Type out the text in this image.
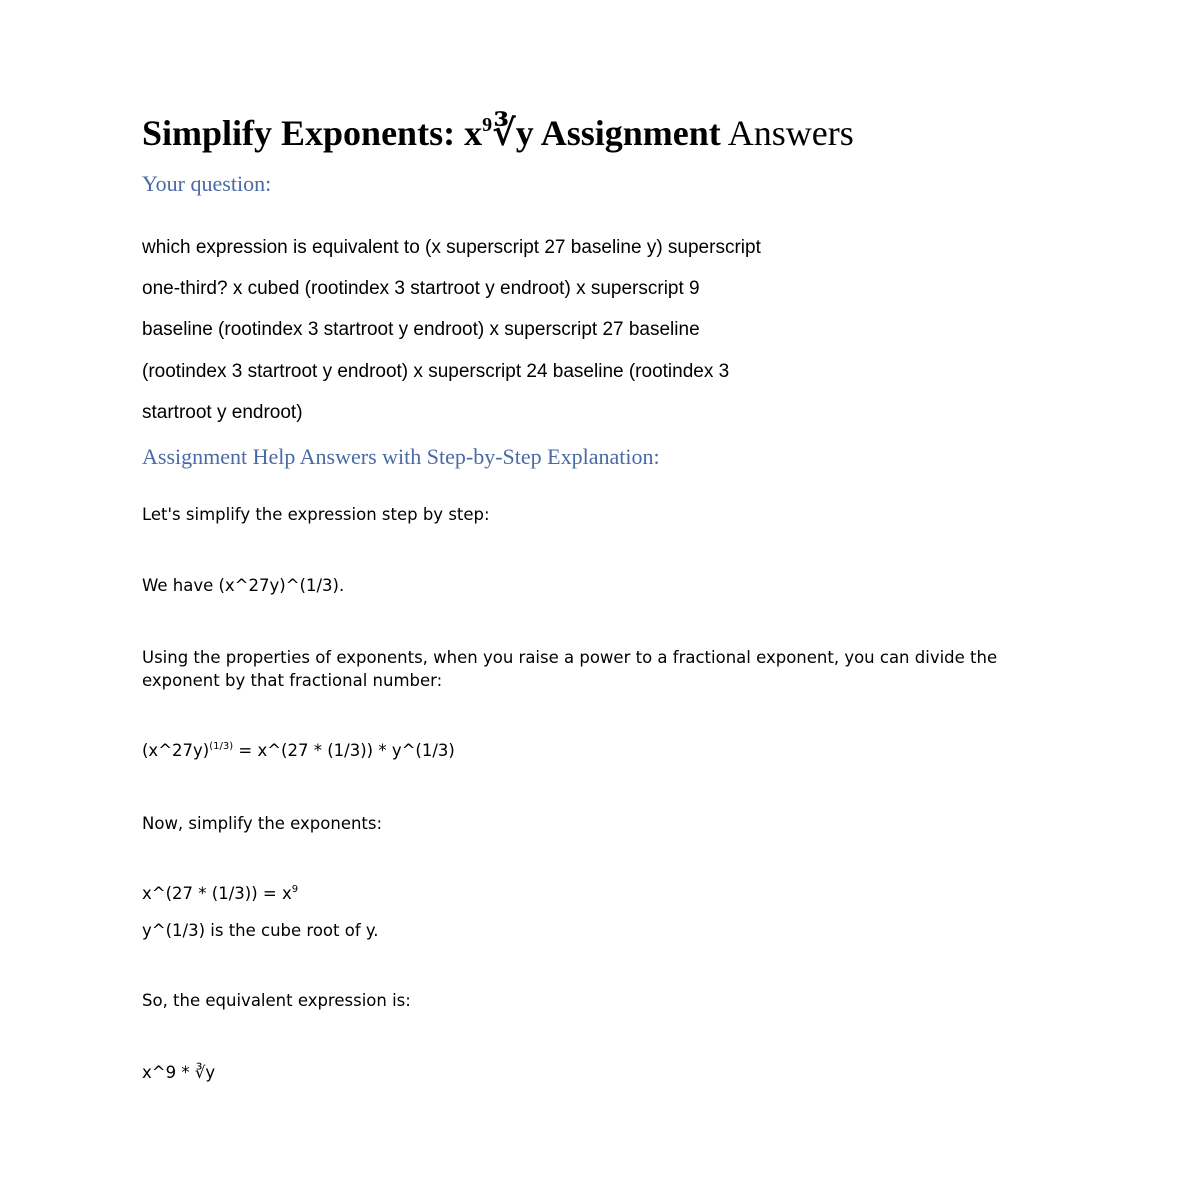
Simplify Exponents: $x^9∛y$ Assignment Answers
Your question:
which expression is equivalent to (x superscript 27 baseline y) superscript
one-third? x cubed (rootindex 3 startroot y endroot) x superscript 9
baseline (rootindex 3 startroot y endroot) x superscript 27 baseline
(rootindex 3 startroot y endroot) x superscript 24 baseline (rootindex 3
startroot y endroot)
Assignment Help Answers with Step-by-Step Explanation:
Let's simplify the expression step by step:
We have (x^27y)^(1/3).
Using the properties of exponents, when you raise a power to a fractional exponent, you can divide the exponent by that fractional number:
(x^27y)$^{(1/3)}$ = x^(27 * (1/3)) * y^(1/3)
Now, simplify the exponents:
x^(27 * $(1/3)) = x^9$
y^(1/3) is the cube root of y.
So, the equivalent expression is:
x^9 * ∛y
